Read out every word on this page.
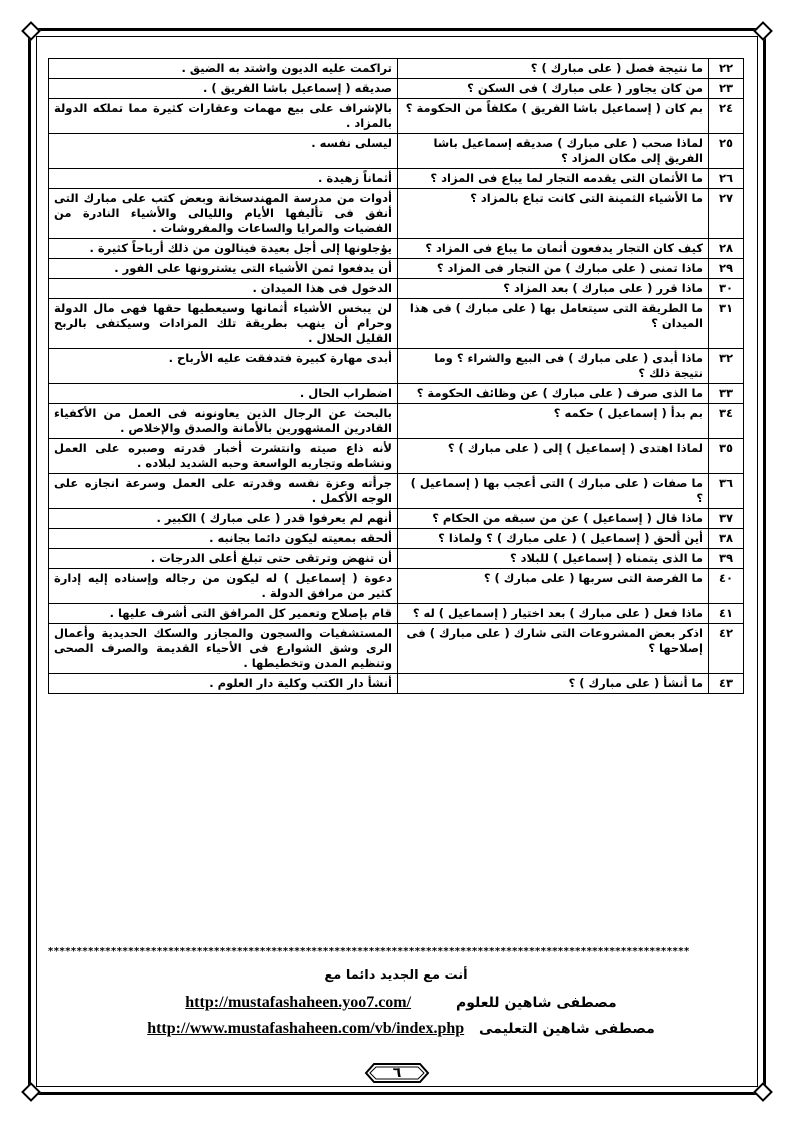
٢٢	ما نتيجة فصل ( على مبارك ) ؟	تراكمت عليه الديون واشتد به الضيق .
٢٣	من كان يجاور ( على مبارك ) فى السكن ؟	صديقه ( إسماعيل باشا الفريق ) .
٢٤	بم كان ( إسماعيل باشا الفريق ) مكلفاً من الحكومة ؟	بالإشراف على بيع مهمات وعقارات كثيرة مما تملكه الدولة بالمزاد .
٢٥	لماذا صحب ( على مبارك ) صديقه إسماعيل باشا الفريق إلى مكان المزاد ؟	ليسلى نفسه .
٢٦	ما الأثمان التى يقدمه التجار لما يباع فى المزاد ؟	أثماناً زهيدة .
٢٧	ما الأشياء الثمينة التى كانت تباع بالمزاد ؟	أدوات من مدرسة المهندسخانة وبعض كتب على مبارك التى أنفق فى تأليفها الأيام والليالى والأشياء النادرة من الفضيات والمرايا والساعات والمفروشات .
٢٨	كيف كان التجار يدفعون أثمان ما يباع فى المزاد ؟	يؤجلونها إلى أجل بعيدة فينالون من ذلك أرباحاً كثيرة .
٢٩	ماذا تمنى ( على مبارك ) من التجار فى المزاد ؟	أن يدفعوا ثمن الأشياء التى يشترونها على الفور .
٣٠	ماذا قرر ( على مبارك ) بعد المزاد ؟	الدخول فى هذا الميدان .
٣١	ما الطريقة التى سيتعامل بها ( على مبارك ) فى هذا الميدان ؟	لن يبخس الأشياء أثمانها وسيعطيها حقها فهى مال الدولة وحرام أن ينهب بطريقة تلك المزادات وسيكتفى بالربح القليل الحلال .
٣٢	ماذا أبدى ( على مبارك ) فى البيع والشراء ؟ وما نتيجة ذلك ؟	أبدى مهارة كبيرة فتدفقت عليه الأرباح .
٣٣	ما الذى صرف ( على مبارك ) عن وظائف الحكومة ؟	اضطراب الحال .
٣٤	بم بدأ ( إسماعيل ) حكمه ؟	بالبحث عن الرجال الذين يعاونونه فى العمل من الأكفياء القادرين المشهورين بالأمانة والصدق والإخلاص .
٣٥	لماذا اهتدى ( إسماعيل ) إلى ( على مبارك ) ؟	لأنه ذاع صيته وانتشرت أخبار قدرته وصبره على العمل ونشاطه وتجاربه الواسعة وحبه الشديد لبلاده .
٣٦	ما صفات ( على مبارك ) التى أعجب بها ( إسماعيل ) ؟	جرأته وعزة نفسه وقدرته على العمل وسرعة انجازه على الوجه الأكمل .
٣٧	ماذا قال ( إسماعيل ) عن من سبقه من الحكام ؟	أنهم لم يعرفوا قدر ( على مبارك ) الكبير .
٣٨	أين ألحق ( إسماعيل ) ( على مبارك ) ؟ ولماذا ؟	ألحقه بمعيته ليكون دائما بجانبه .
٣٩	ما الذى يتمناه ( إسماعيل ) للبلاد ؟	أن تنهض وترتقى حتى تبلغ أعلى الدرجات .
٤٠	ما الفرصة التى سربها ( على مبارك ) ؟	دعوة ( إسماعيل ) له ليكون من رجاله وإسناده إليه إدارة كثير من مرافق الدولة .
٤١	ماذا فعل ( على مبارك ) بعد اختيار ( إسماعيل ) له ؟	قام بإصلاح وتعمير كل المرافق التى أشرف عليها .
٤٢	اذكر بعض المشروعات التى شارك ( على مبارك ) فى إصلاحها ؟	المستشفيات والسجون والمجازر والسكك الحديدية وأعمال الرى وشق الشوارع فى الأحياء القديمة والصرف الصحى وتنظيم المدن وتخطيطها .
٤٣	ما أنشأ ( على مبارك ) ؟	أنشأ دار الكتب وكلية دار العلوم .
****************************************************************************************************************
أنت مع الجديد دائما مع
مصطفى شاهين للعلوم http://mustafashaheen.yoo7.com/
مصطفى شاهين التعليمى http://www.mustafashaheen.com/vb/index.php
٦
